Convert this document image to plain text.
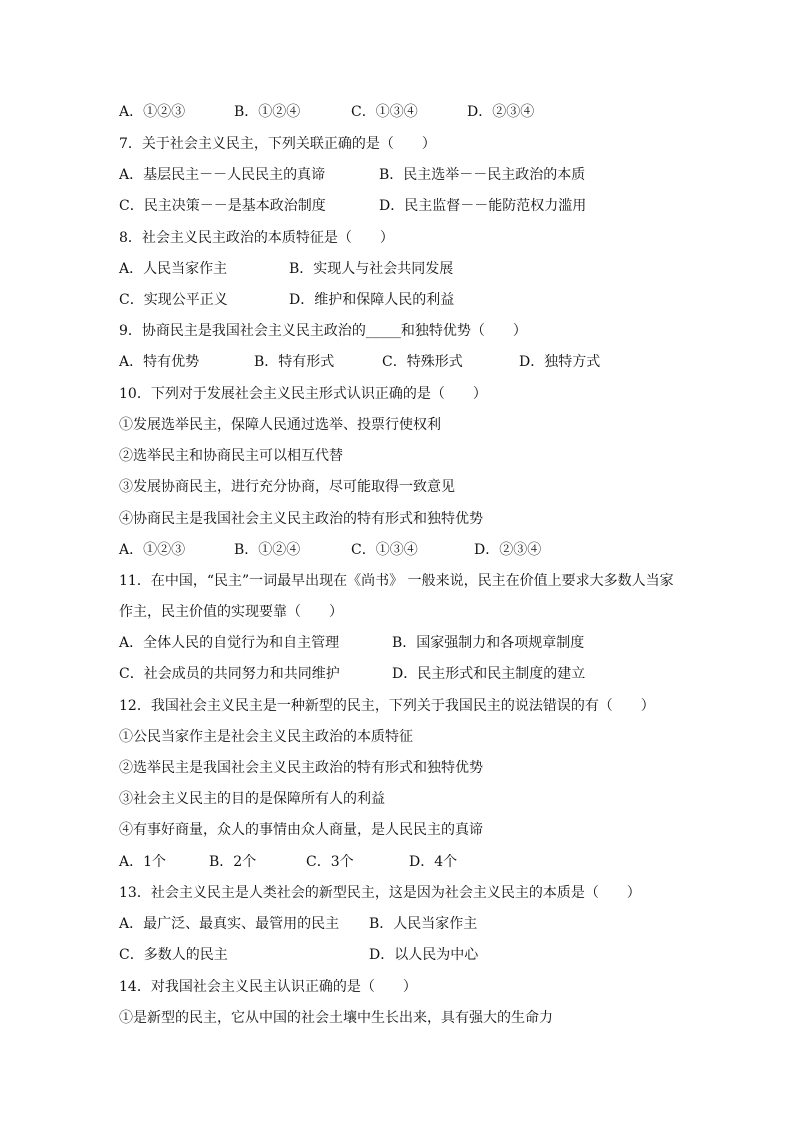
A．①②③	B．①②④	C．①③④	D．②③④
7．关于社会主义民主，下列关联正确的是（　　）
A．基层民主－－人民民主的真谛	B．民主选举－－民主政治的本质
C．民主决策－－是基本政治制度	D．民主监督－－能防范权力滥用
8．社会主义民主政治的本质特征是（　　）
A．人民当家作主	B．实现人与社会共同发展
C．实现公平正义	D．维护和保障人民的利益
9．协商民主是我国社会主义民主政治的_____和独特优势（　　）
A．特有优势	B．特有形式	C．特殊形式	D．独特方式
10．下列对于发展社会主义民主形式认识正确的是（　　）
①发展选举民主，保障人民通过选举、投票行使权利
②选举民主和协商民主可以相互代替
③发展协商民主，进行充分协商，尽可能取得一致意见
④协商民主是我国社会主义民主政治的特有形式和独特优势
A．①②③	B．①②④	C．①③④	D．②③④
11．在中国，“民主”一词最早出现在《尚书》 一般来说，民主在价值上要求大多数人当家
作主，民主价值的实现要靠（　　）
A．全体人民的自觉行为和自主管理	B．国家强制力和各项规章制度
C．社会成员的共同努力和共同维护	D．民主形式和民主制度的建立
12．我国社会主义民主是一种新型的民主，下列关于我国民主的说法错误的有（　　）
①公民当家作主是社会主义民主政治的本质特征
②选举民主是我国社会主义民主政治的特有形式和独特优势
③社会主义民主的目的是保障所有人的利益
④有事好商量，众人的事情由众人商量，是人民民主的真谛
A．1个	B．2个	C．3个	D．4个
13．社会主义民主是人类社会的新型民主，这是因为社会主义民主的本质是（　　）
A．最广泛、最真实、最管用的民主 B．人民当家作主
C．多数人的民主	D．以人民为中心
14．对我国社会主义民主认识正确的是（　　）
①是新型的民主，它从中国的社会土壤中生长出来，具有强大的生命力
